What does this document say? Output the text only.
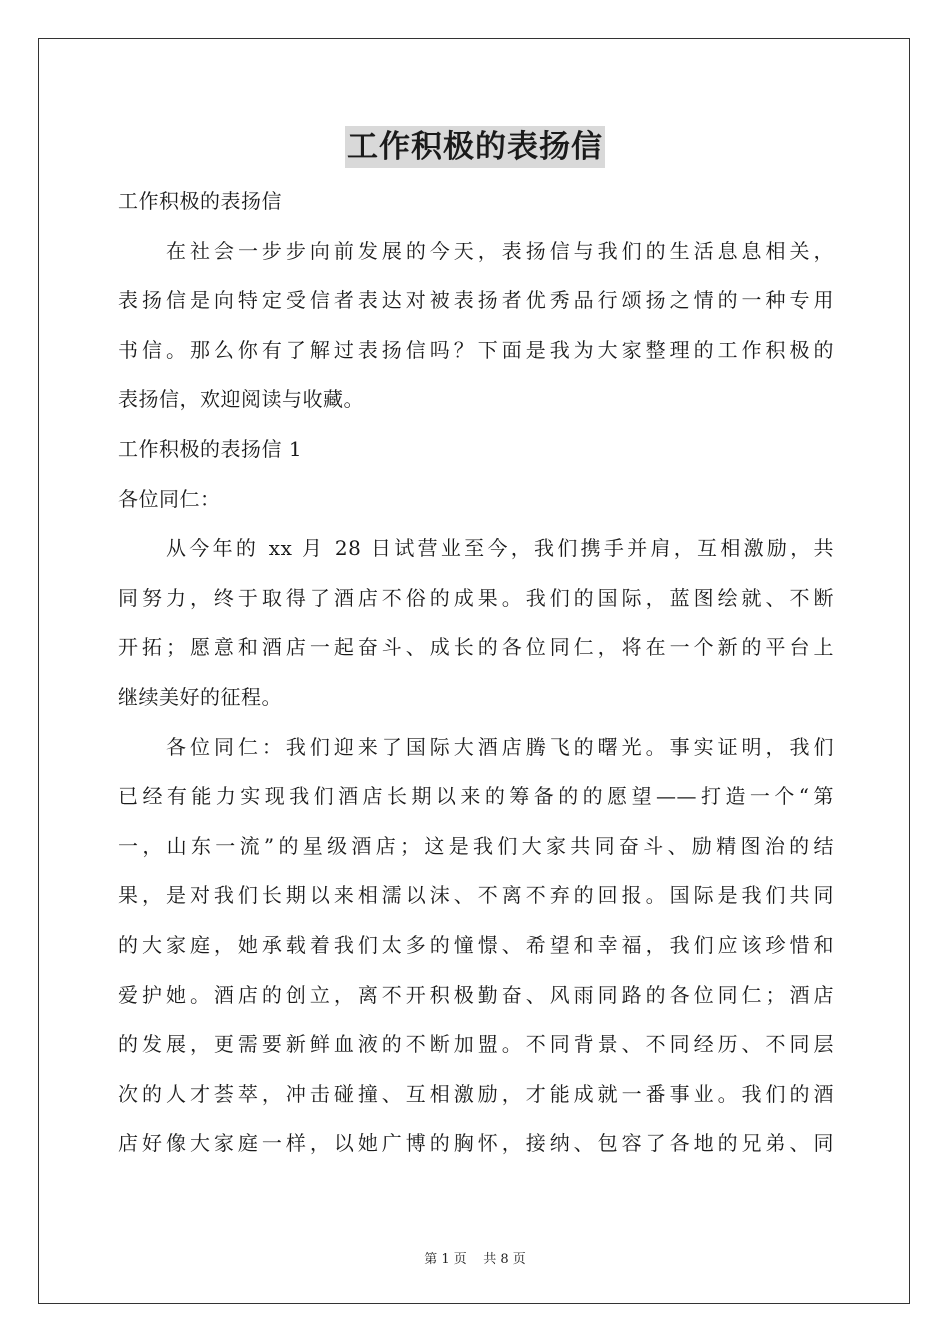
工作积极的表扬信
工作积极的表扬信
在社会一步步向前发展的今天，表扬信与我们的生活息息相关，
表扬信是向特定受信者表达对被表扬者优秀品行颂扬之情的一种专用
书信。那么你有了解过表扬信吗？下面是我为大家整理的工作积极的
表扬信，欢迎阅读与收藏。
工作积极的表扬信 1
各位同仁：
从今年的 xx 月 28 日试营业至今，我们携手并肩，互相激励，共
同努力，终于取得了酒店不俗的成果。我们的国际，蓝图绘就、不断
开拓；愿意和酒店一起奋斗、成长的各位同仁，将在一个新的平台上
继续美好的征程。
各位同仁：我们迎来了国际大酒店腾飞的曙光。事实证明，我们
已经有能力实现我们酒店长期以来的筹备的的愿望——打造一个“第
一，山东一流”的星级酒店；这是我们大家共同奋斗、励精图治的结
果，是对我们长期以来相濡以沫、不离不弃的回报。国际是我们共同
的大家庭，她承载着我们太多的憧憬、希望和幸福，我们应该珍惜和
爱护她。酒店的创立，离不开积极勤奋、风雨同路的各位同仁；酒店
的发展，更需要新鲜血液的不断加盟。不同背景、不同经历、不同层
次的人才荟萃，冲击碰撞、互相激励，才能成就一番事业。我们的酒
店好像大家庭一样，以她广博的胸怀，接纳、包容了各地的兄弟、同
第 1 页    共 8 页
